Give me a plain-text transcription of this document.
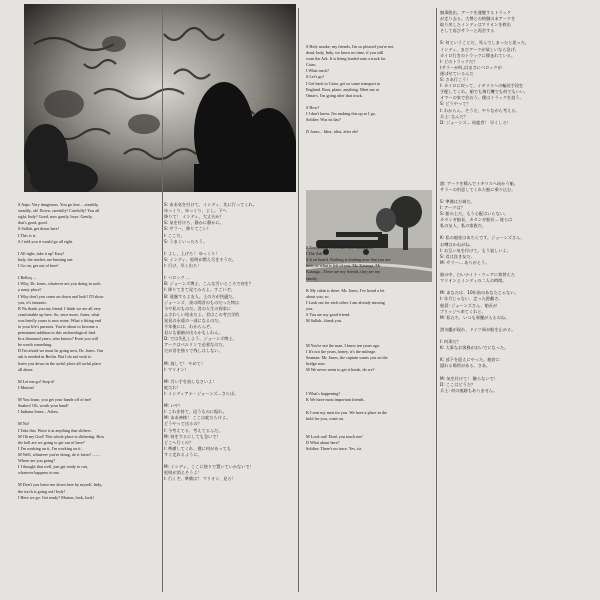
S Aaps. Very dangerous. You go first. ...steadily,
steadily, ok! Down, carefully! Carefully! You all
right, Indy? Good, now gently, boys. Gently,
that's good, good.
S Sallah, get down here!
I This is it.
S I told you it would go all right.
I All right, take it up! Easy!
Indy, the torches are burning out.
I Go on, get out of here!
I Belloq ...
I Why, Dr. Jones, whatever are you doing in such
a nasty place?
I Why don't you come on down and look? I'll show
you, it's fantastic.
B No thank you my friend. I think we are all very
comfortable up here. So, once more, Jones, what
was briefly yours is now mine. What a fitting end
to your life's pursuits. You're about to become a
permanent addition to this archaeological find.
In a thousand years, who knows? Even you will
be worth something.
D I'm afraid we must be going now, Dr. Jones. Our
ark is needed in Berlin. But I do not wish to
leave you down in the awful place all awful place
all alone.
M Let me go! Stop it!
I Marion!
M You louse, you get your hands off of me!
Snakes! Oh, worth your hand!
I Indiana Jones... Adieu.
M No!
I Take this. Wave it at anything that slithers.
M Oh my God! This whole place is slithering. How
the hell are we going to get out of here?
I I'm working on it, I'm working on it.
M Well, whatever you're doing, do it faster! ........
Where are you going?
I I thought that well, just get ready to run,
whatever happens to me.
M Don't you leave me down here by myself, Indy,
the torch is going out! Indy!
I Here we go. Get ready? Marion, look, look!
S: ああ気を付けて。インディ、先に行ってくれ。
ゆっくり、ゆっくり、よし。下へ
降りて！ インディ、大丈夫か？
S: 気を付けろ、静かに静かに。
S: サラー、降りてこい！
I: ここだ。
S: うまくいったろう。
I: よし、上げろ！ ゆっくり！
S: インディ、松明が燃え尽きそうだ。
I: 行け、早く出ろ！
I: ベロック ...
B: ジョーンズ博士、こんな汚いところで何を？
I: 降りてきて見てみろよ。すごいぞ。
B: 遠慮するよ友人。上の方が快適だ。
ジョーンズ、束の間君のものだった物は
今や私のものだ。君の人生の探求に
ふさわしい結末だよ。君はこの考古学的
発見の永遠の一部になるのだ。
千年後には、わからんぞ。
君にも価値が出るかもしれん。
D: では失礼しよう、ジョーンズ博士。
アークはベルリンで必要なのだ。
だが君を独りで残しはしない。
M: 放して！ やめて！
I: マリオン！
M: 汚い手を放しなさいよ！
蛇だわ！
I: インディアナ・ジョーンズ...さらば。
M: いや！
I: これを持て。這うものに振れ。
M: ああ神様！ ここは蛇だらけよ。
どうやって出るの？
I: 今考えてる、考えてるんだ。
M: 何をするにしても急いで！
どこへ行くの？
I: 準備してくれ、僕に何があっても
すぐ走れるように。
M: インディ、ここに独りで置いていかないで！
松明が消えそうよ！
I: 行くぞ。準備は？ マリオン、見ろ！
S Holy smoke, my friends, I'm so pleased you're not
dead, Indy, Indy, we know no time, if you still
want the Ark. It is being loaded onto a truck for
Cairo.
I What truck?
S Let's go!
I Get back to Cairo, get us some transport to
England. Boat, plane, anything. Meet me at
Omar's. I'm going after that truck.
S How?
I I don't know. I'm making this up as I go.
Soldier: Was ist das?
D Jones... Idiot, idiot, after ole!
S Everything is lost has been unmasked.
I The Ark?
S It on board. Nothing is looking now that you are
here, or what is left of you. Mr. Katanga, Mr.
Katanga...These are my friends, they are my
family.
K My cabin is there. Mr. Jones, I've heard a lot
about you, so.
I Look out for each other. I am already missing
you.
S You are my good friend.
M Sallah...thank you.
M You're not the man, I knew ten years ago.
I It's not the years, honey, it's the mileage.
Seaman: Mr. Jones, the captain wants you on the
bridge now.
M We never seem to get it break, do we?
I What's happening?
K We have most important friends.
K I sent my men for you. We have a place in the
hold for you, come on.
M Look out! Don't you touch me!
D What about here?
Soldier: There's no trace. Yes, sir.
無事脱出、アークを運搬するトラック
が走り去る。大勢との格闘の末アークを
取り戻したインディはマリオンを救出
そして再びサラーと再会する
S: 何ということだ、死んでしまったと思った。
インディ、まだアークが欲しいなら急げ。
カイロ行きのトラックに積まれている。
I: どのトラックだ？
(サラーが叫ぶ)まさにベロックが
運ばせているんだ
S: さあ行こう！
I: カイロに戻って、イギリスへの輸送手段を
手配してくれ。船でも飛行機でも何でもいい。
オマーの家で会おう。僕はトラックを追う。
S: どうやって？
I: わからん。そうだ、やりながら考える。
兵士: なんだ？
D: ジョーンズ... 馬鹿者！ 早くしろ！
港: アークを積んでイギリスへ向かう船。
サラーの用意してくれた船に乗り込む。
S: 準備は万端だ。
I: アークは？
S: 船の上だ。もう心配はいらない。
カタンガ船長、カタンガ船長... 彼らは
私の友人、私の家族だ。
K: 私の船室はあちらです。ジョーンズさん、
お噂はかねがね。
I: お互い気を付けて。もう寂しいよ。
S: 君は良き友だ。
M: サラー... ありがとう。
船の中、白いナイト・ウェアに着替えた
マリオンとインディの二人の時間。
M: あなたは、10年前のあなたじゃない。
I: 年月じゃない、走った距離さ。
船員: ジョーンズさん、船長が
ブリッジへ来てくれと。
M: 私たち、いつも邪魔が入るのね。
潜水艦が現れ、ドイツ軍が船を止める。
I: 何事だ？
K: 大事なお客様がおいでになった。
K: 部下を迎えにやった。船倉に
隠れる場所がある。さあ。
M: 気を付けて！ 触らないで！
D: ここはどうだ？
兵士: 何の痕跡もありません。
